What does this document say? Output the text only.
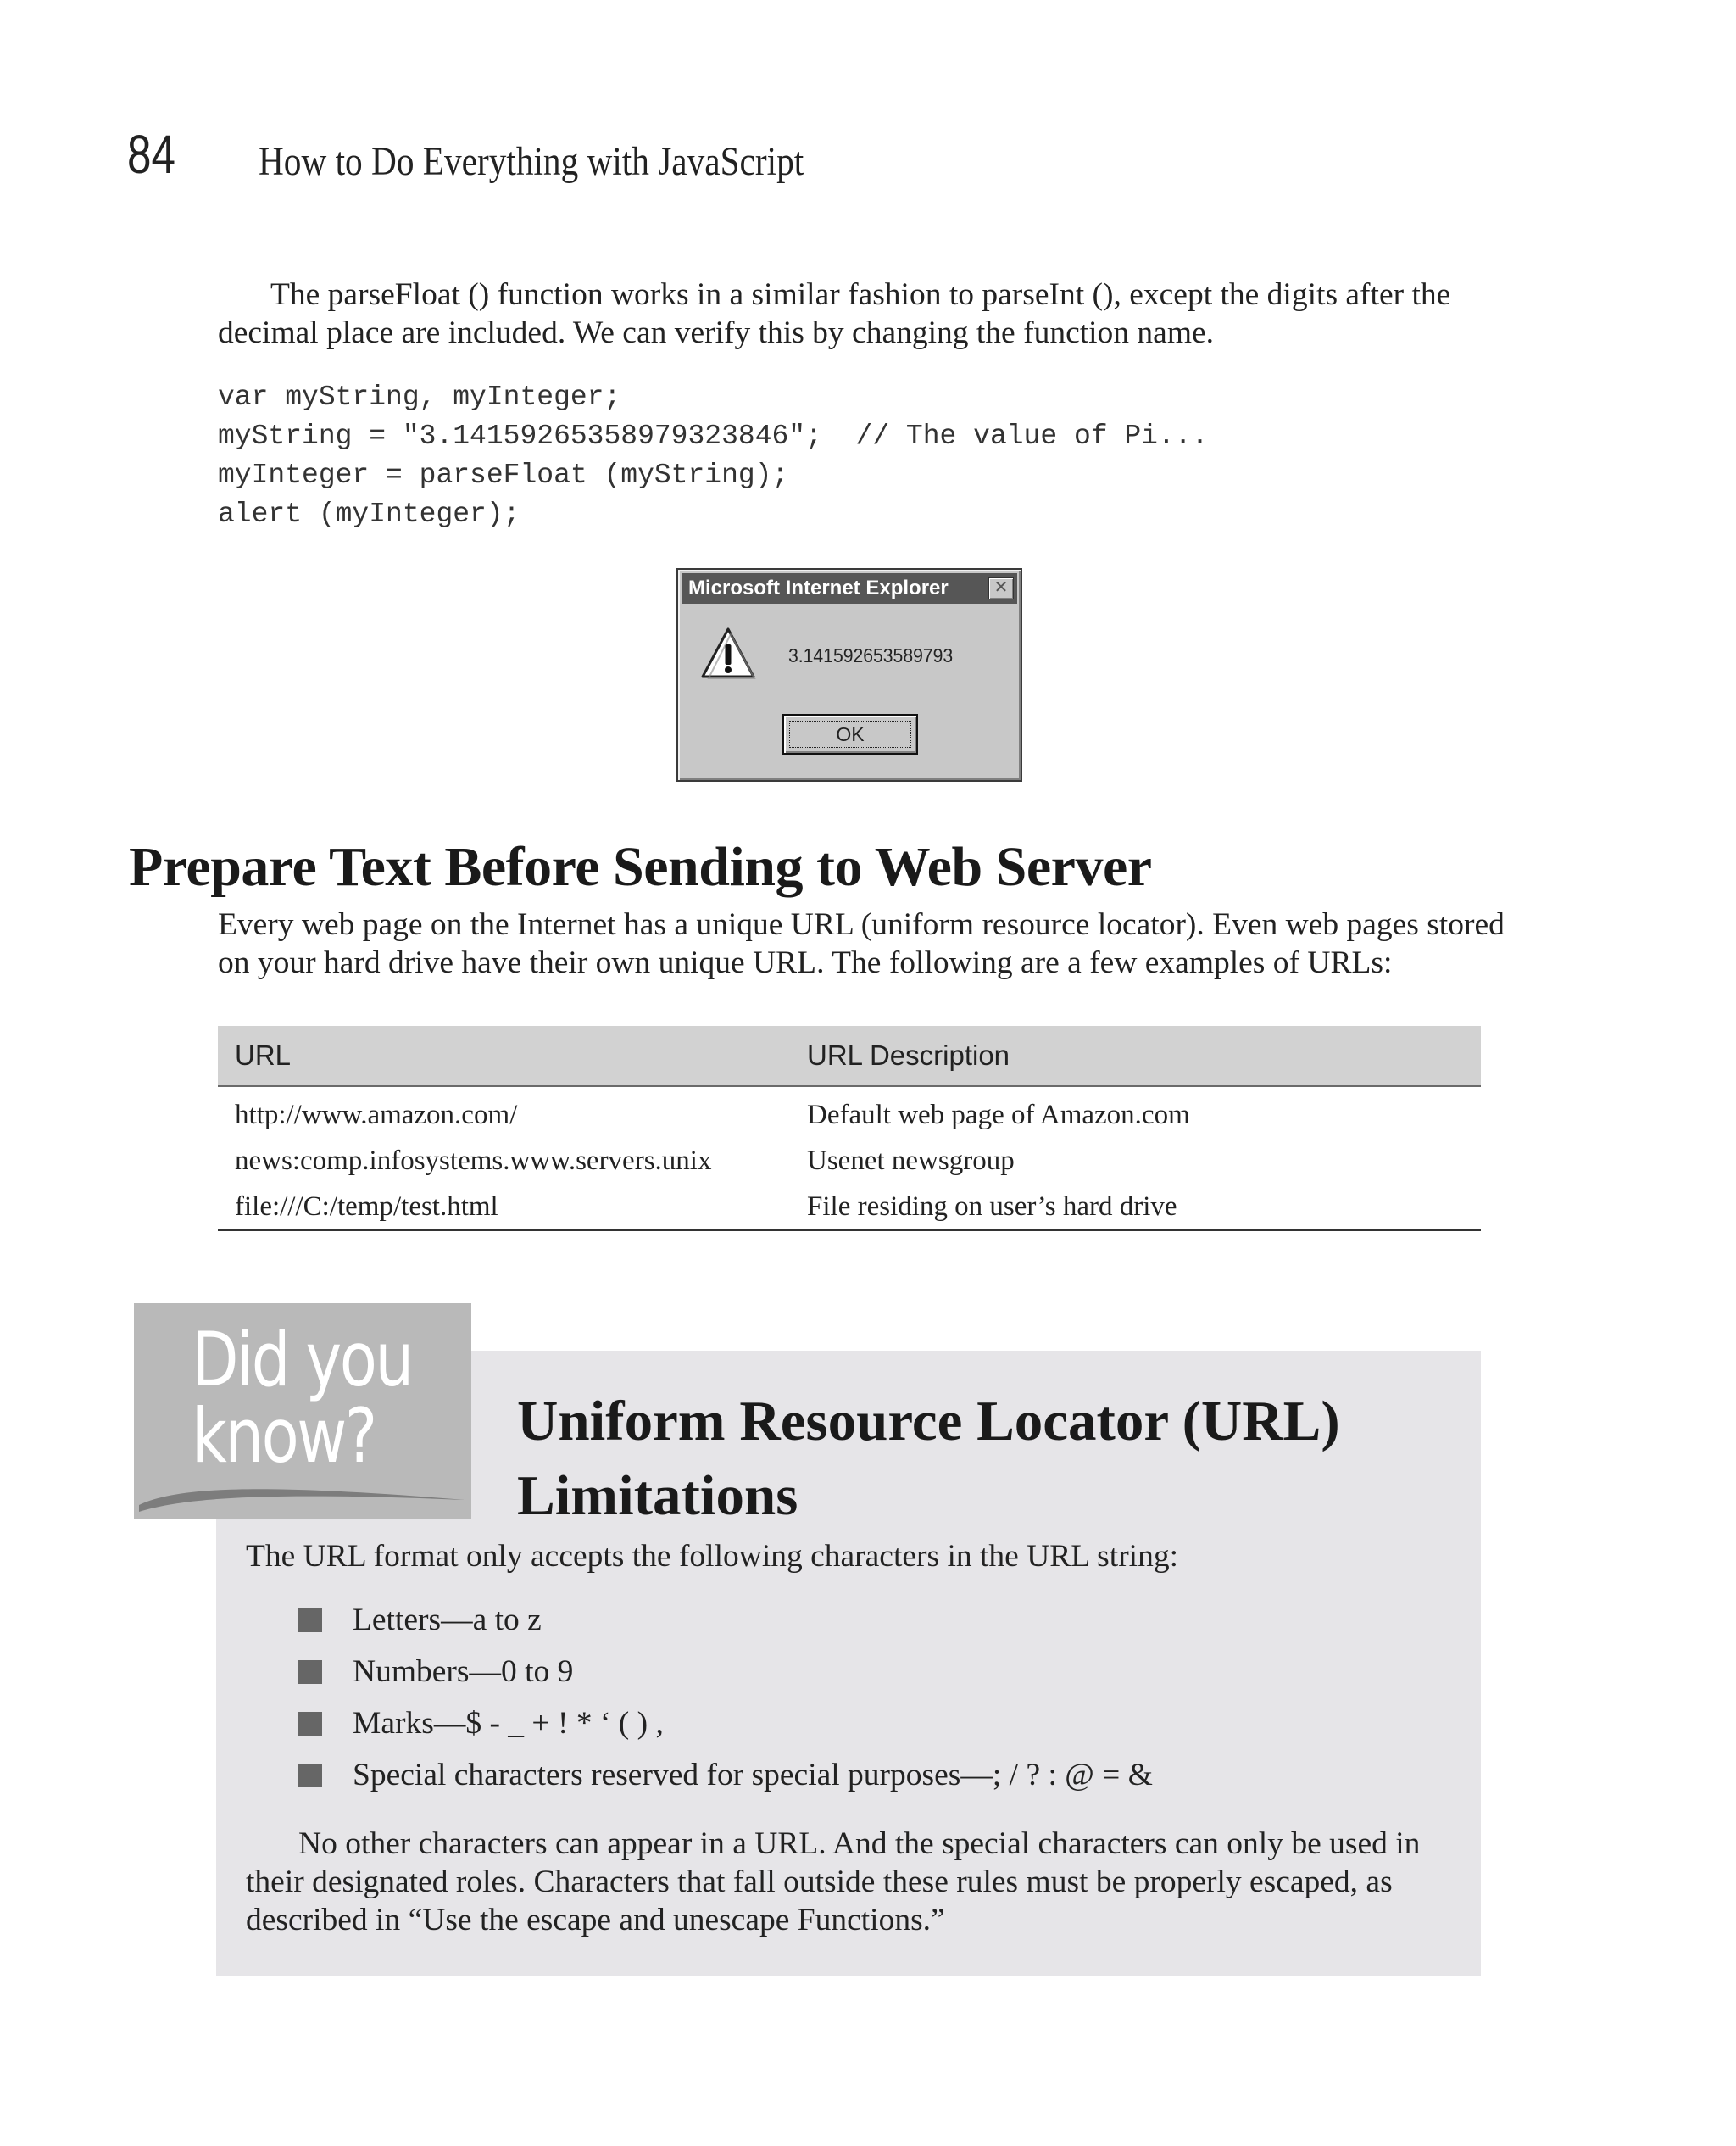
84 How to Do Everything with JavaScript

The parseFloat () function works in a similar fashion to parseInt (), except the digits after the decimal place are included. We can verify this by changing the function name.

var myString, myInteger;
myString = "3.14159265358979323846";  // The value of Pi...
myInteger = parseFloat (myString);
alert (myInteger);
Microsoft Internet Explorer	✕
3.141592653589793
OK
Prepare Text Before Sending to Web Server

Every web page on the Internet has a unique URL (uniform resource locator). Even web pages stored on your hard drive have their own unique URL. The following are a few examples of URLs:

URL	URL Description
http://www.amazon.com/	Default web page of Amazon.com
news:comp.infosystems.www.servers.unix	Usenet newsgroup
file:///C:/temp/test.html	File residing on user’s hard drive
Did you
know?	Uniform Resource Locator (URL) Limitations

The URL format only accepts the following characters in the URL string:

Letters—a to z
Numbers—0 to 9
Marks—$ - _ + ! * ‘ ( ) ,
Special characters reserved for special purposes—; / ? : @ = &

No other characters can appear in a URL. And the special characters can only be used in their designated roles. Characters that fall outside these rules must be properly escaped, as described in “Use the escape and unescape Functions.”
